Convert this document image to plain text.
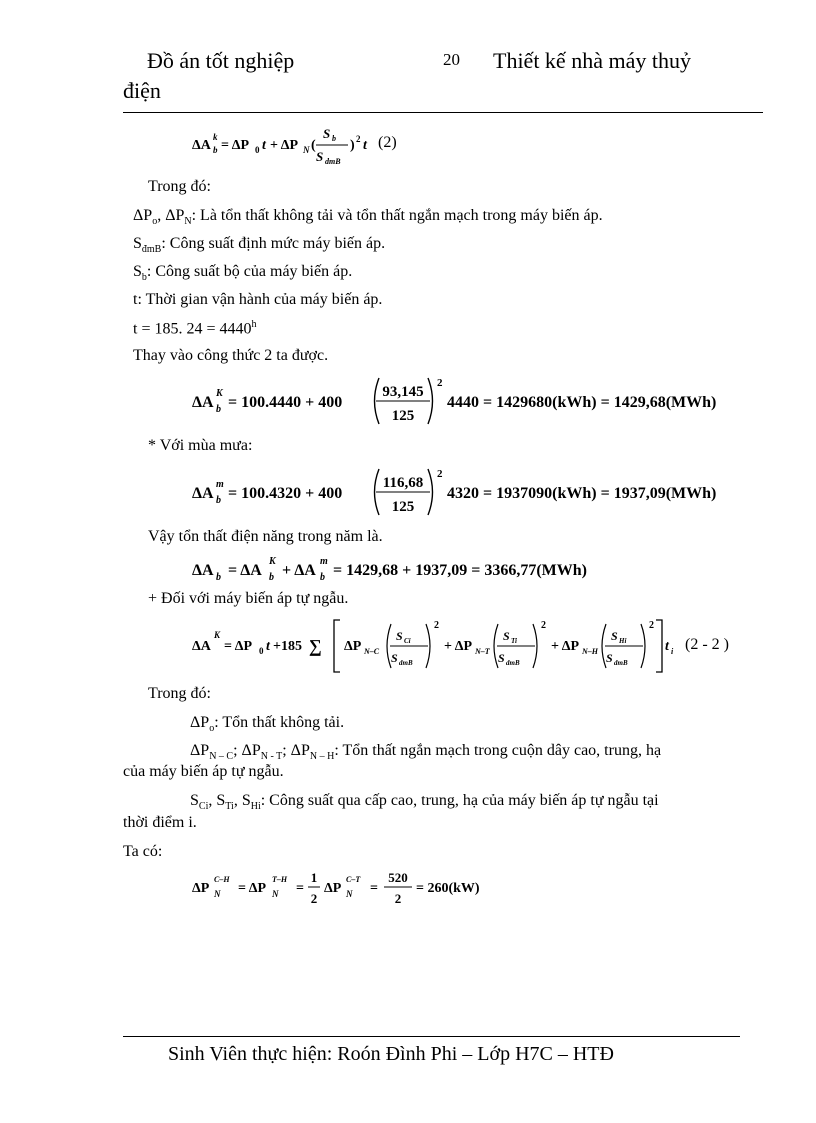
Đồ án tốt nghiệp	20 Thiết kế nhà máy thuỷ
điện
ΔA b
k
= ΔP 0 t + ΔP N (
S b
S dmB
) 2 t (2)
Trong đó:
$\Delta P_o$, $\Delta P_N$: Là tổn thất không tải và tổn thất ngắn mạch trong máy biến áp.
$S_{đmB}$: Công suất định mức máy biến áp.
$S_b$: Công suất bộ của máy biến áp.
t: Thời gian vận hành của máy biến áp.
t = 185. $24 = 4440^h$
Thay vào công thức 2 ta được.
ΔA b
K
= 100.4440 + 400
93,145
125
2
4440 = 1429680(kWh) = 1429,68(MWh)
* Với mùa mưa:
ΔA b
m
= 100.4320 + 400
116,68
125
2
4320 = 1937090(kWh) = 1937,09(MWh)
Vậy tổn thất điện năng trong năm là.
ΔA b = ΔA b
K
+ ΔA b
m
= 1429,68 + 1937,09 = 3366,77(MWh)
+ Đối với máy biến áp tự ngẫu.
ΔA
K
= ΔP 0 t +185 ∑ ΔP N–C
S Ci
S dmB
2
+ ΔP N–T
S Ti
S dmB
2
+ ΔP N–H
S Hi
S dmB
2
t i (2 - 2 )
Trong đó:
$\Delta P_o$: Tổn thất không tải.
$\Delta P_{N - C}$; $\Delta P_{N - T}$; $\Delta P_{N - H}$: Tổn thất ngắn mạch trong cuộn dây cao, trung, hạ
của máy biến áp tự ngẫu.
$S_{Ci}$, $S_{Ti}$, $S_{Hi}$: Công suất qua cấp cao, trung, hạ của máy biến áp tự ngẫu tại
thời điểm i.
Ta có:
ΔP N
C–H
= ΔP N
T–H
=
1
2
ΔP N
C–T
=
520
2
= 260(kW)
Sinh Viên thực hiện: Roón Đình Phi – Lớp H7C – HTĐ
